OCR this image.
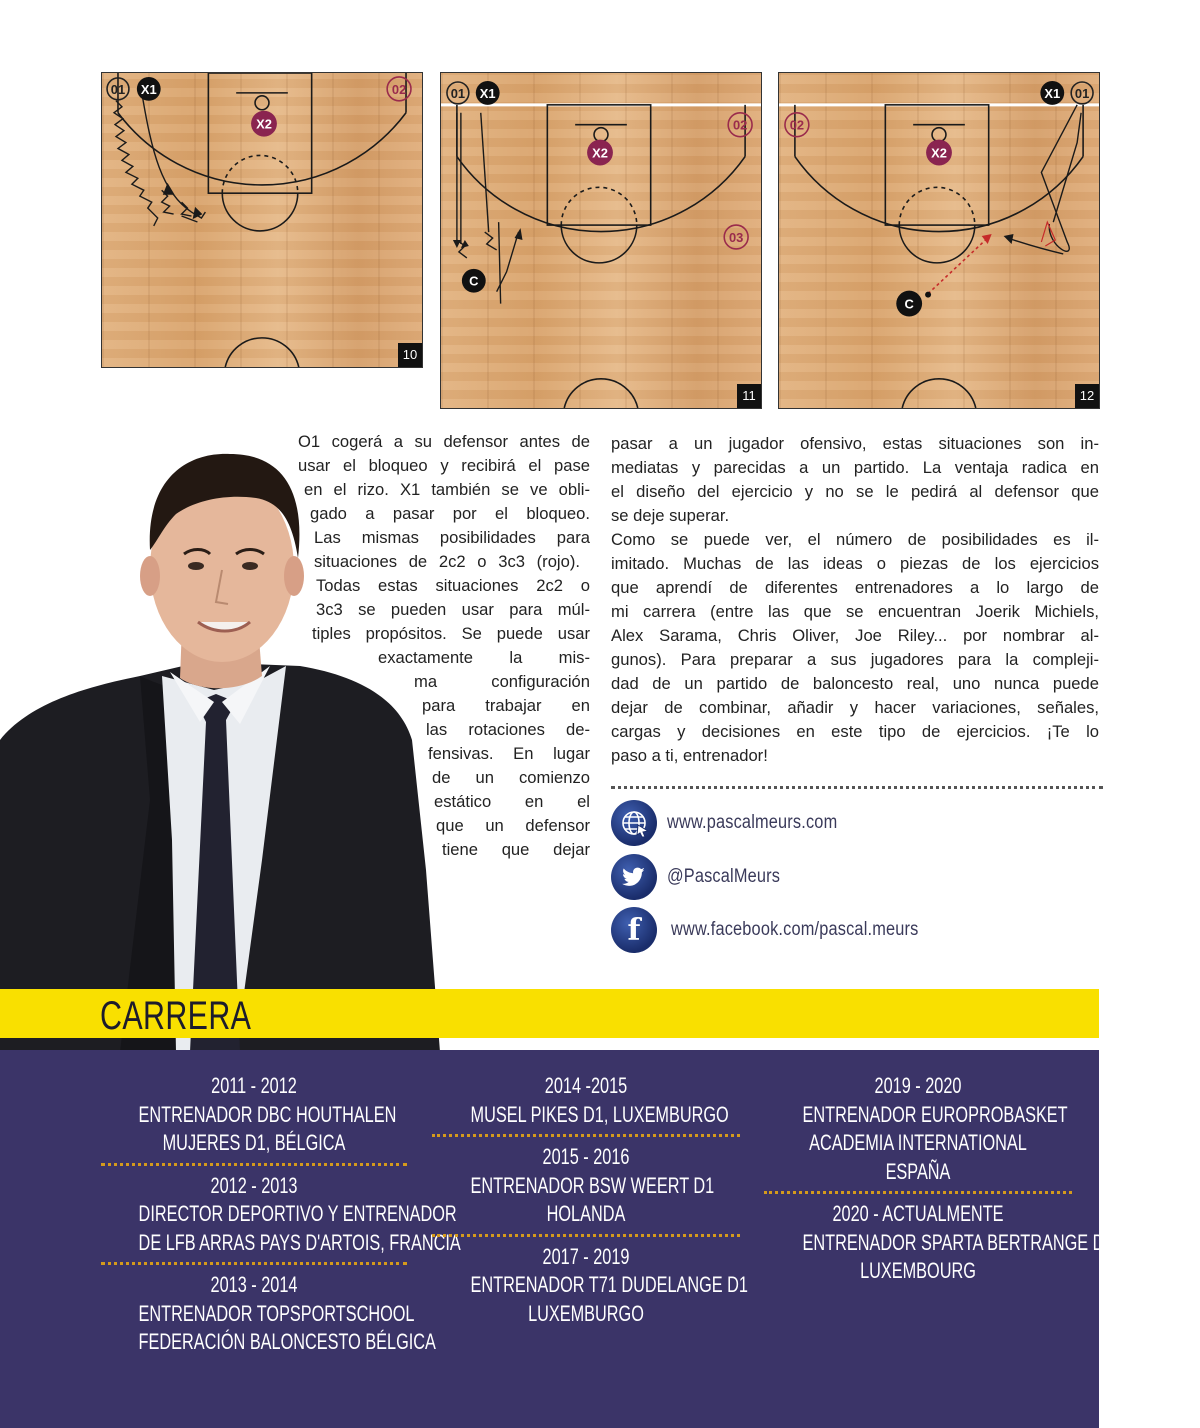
01 X1	02
X2
10
01 X1
02
03
X2
C
11
X1 01
02
X2
C
12

O1 cogerá a su defensor antes de

usar el bloqueo y recibirá el pase

en el rizo. X1 también se ve obli-

gado a pasar por el bloqueo.

Las mismas posibilidades para

situaciones de 2c2 o 3c3 (rojo).

Todas estas situaciones 2c2 o

3c3 se pueden usar para múl-

tiples propósitos. Se puede usar

exactamente la mis-

ma configuración

para trabajar en

las rotaciones de-

fensivas. En lugar

de un comienzo

estático en el

que un defensor

tiene que dejar

pasar a un jugador ofensivo, estas situaciones son in-
mediatas y parecidas a un partido. La ventaja radica en
el diseño del ejercicio y no se le pedirá al defensor que
se deje superar.
Como se puede ver, el número de posibilidades es il-
imitado. Muchas de las ideas o piezas de los ejercicios
que aprendí de diferentes entrenadores a lo largo de
mi carrera (entre las que se encuentran Joerik Michiels,
Alex Sarama, Chris Oliver, Joe Riley... por nombrar al-
gunos). Para preparar a sus jugadores para la compleji-
dad de un partido de baloncesto real, uno nunca puede
dejar de combinar, añadir y hacer variaciones, señales,
cargas y decisiones en este tipo de ejercicios. ¡Te lo
paso a ti, entrenador!
www.pascalmeurs.com
@PascalMeurs
f	www.facebook.com/pascal.meurs
CARRERA
2011 - 2012
ENTRENADOR DBC HOUTHALEN
MUJERES D1, BÉLGICA
2012 - 2013
DIRECTOR DEPORTIVO Y ENTRENADOR
DE LFB ARRAS PAYS D'ARTOIS, FRANCIA
2013 - 2014
ENTRENADOR TOPSPORTSCHOOL
FEDERACIÓN BALONCESTO BÉLGICA
2014 -2015
MUSEL PIKES D1, LUXEMBURGO
2015 - 2016
ENTRENADOR BSW WEERT D1
HOLANDA
2017 - 2019
ENTRENADOR T71 DUDELANGE D1
LUXEMBURGO
2019 - 2020
ENTRENADOR EUROPROBASKET
ACADEMIA INTERNATIONAL
ESPAÑA
2020 - ACTUALMENTE
ENTRENADOR SPARTA BERTRANGE D1
LUXEMBOURG
